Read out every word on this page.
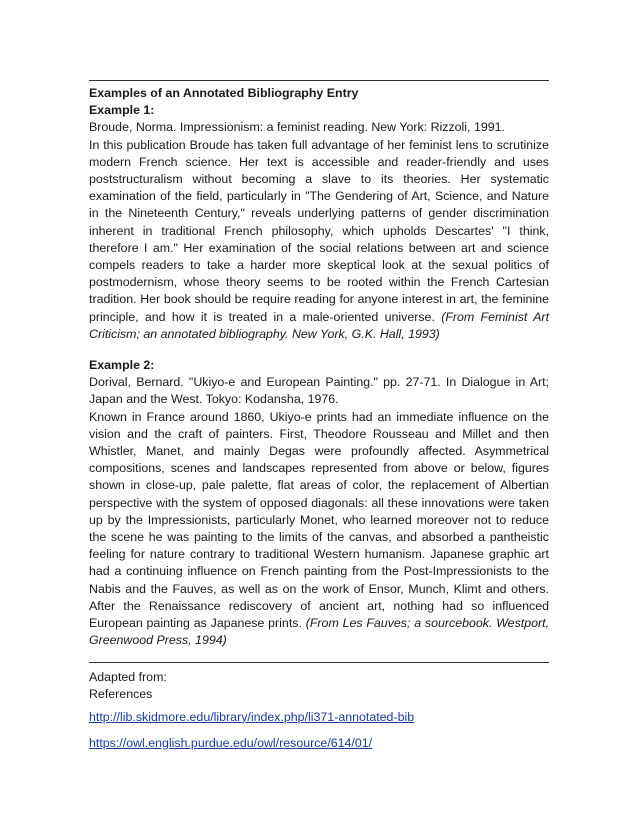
Examples of an Annotated Bibliography Entry

Example 1:

Broude, Norma. Impressionism: a feminist reading. New York: Rizzoli, 1991.

In this publication Broude has taken full advantage of her feminist lens to scrutinize modern French science. Her text is accessible and reader-friendly and uses poststructuralism without becoming a slave to its theories. Her systematic examination of the field, particularly in "The Gendering of Art, Science, and Nature in the Nineteenth Century," reveals underlying patterns of gender discrimination inherent in traditional French philosophy, which upholds Descartes' "I think, therefore I am." Her examination of the social relations between art and science compels readers to take a harder more skeptical look at the sexual politics of postmodernism, whose theory seems to be rooted within the French Cartesian tradition. Her book should be require reading for anyone interest in art, the feminine principle, and how it is treated in a male-oriented universe. (From Feminist Art Criticism; an annotated bibliography. New York, G.K. Hall, 1993)

Example 2:

Dorival, Bernard. "Ukiyo-e and European Painting." pp. 27-71. In Dialogue in Art; Japan and the West. Tokyo: Kodansha, 1976.

Known in France around 1860, Ukiyo-e prints had an immediate influence on the vision and the craft of painters. First, Theodore Rousseau and Millet and then Whistler, Manet, and mainly Degas were profoundly affected. Asymmetrical compositions, scenes and landscapes represented from above or below, figures shown in close-up, pale palette, flat areas of color, the replacement of Albertian perspective with the system of opposed diagonals: all these innovations were taken up by the Impressionists, particularly Monet, who learned moreover not to reduce the scene he was painting to the limits of the canvas, and absorbed a pantheistic feeling for nature contrary to traditional Western humanism. Japanese graphic art had a continuing influence on French painting from the Post-Impressionists to the Nabis and the Fauves, as well as on the work of Ensor, Munch, Klimt and others. After the Renaissance rediscovery of ancient art, nothing had so influenced European painting as Japanese prints. (From Les Fauves; a sourcebook. Westport, Greenwood Press, 1994)

Adapted from:

References

http://lib.skidmore.edu/library/index.php/li371-annotated-bib
https://owl.english.purdue.edu/owl/resource/614/01/
